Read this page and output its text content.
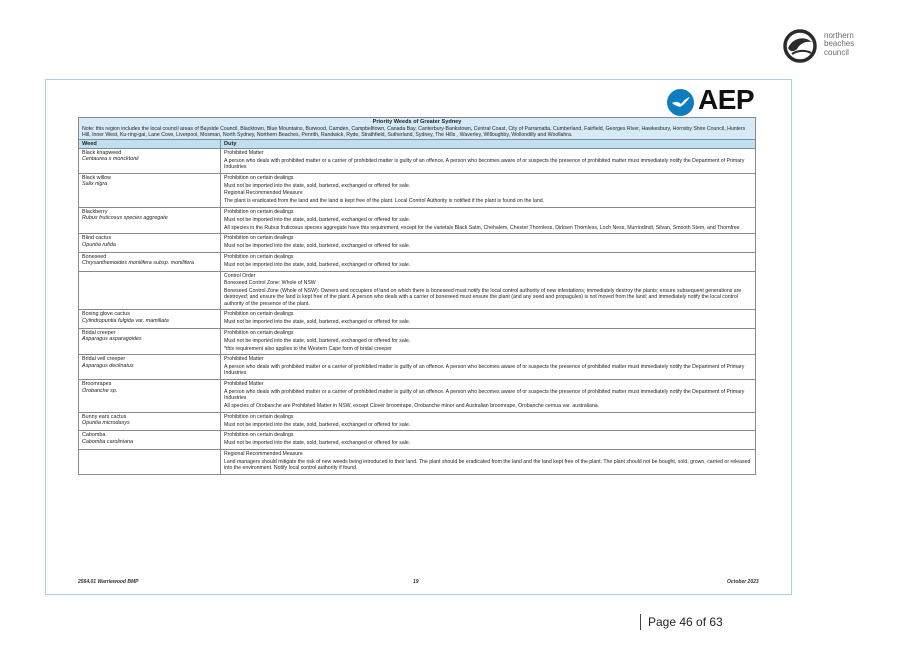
northern
beaches
council
AEP
Priority Weeds of Greater Sydney
Note: this region includes the local council areas of Bayside Council, Blacktown, Blue Mountains, Burwood, Camden, Campbelltown, Canada Bay, Canterbury-Bankstown, Central Coast, City of Parramatta, Cumberland, Fairfield, Georges River, Hawkesbury, Hornsby Shire Council, Hunters Hill, Inner West, Ku-ring-gai, Lane Cove, Liverpool, Mosman, North Sydney, Northern Beaches, Penrith, Randwick, Ryde, Strathfield, Sutherland, Sydney, The Hills , Waverley, Willoughby, Wollondilly and Woollahra.	
Weed	Duty

Black knapweed
Centaurea x moncktonii	Prohibited Matter
A person who deals with prohibited matter or a carrier of prohibited matter is guilty of an offence. A person who becomes aware of or suspects the presence of prohibited matter must immediately notify the Department of Primary Industries

Black willow
Salix nigra	Prohibition on certain dealings
Must not be imported into the state, sold, bartered, exchanged or offered for sale.
Regional Recommended Measure
The plant is eradicated from the land and the land is kept free of the plant. Local Control Authority is notified if the plant is found on the land.

Blackberry
Rubus fruticosus species aggregate	Prohibition on certain dealings
Must not be imported into the state, sold, bartered, exchanged or offered for sale.
All species in the Rubus fruticosus species aggregate have this requirement, except for the varietals Black Satin, Chehalem, Chester Thornless, Dirksen Thornless, Loch Ness, Murrindindi, Silvan, Smooth Stem, and Thornfree

Blind cactus
Opuntia rufida	Prohibition on certain dealings
Must not be imported into the state, sold, bartered, exchanged or offered for sale.

Boneseed
Chrysanthemoides monilifera subsp. monilifera	Prohibition on certain dealings
Must not be imported into the state, sold, bartered, exchanged or offered for sale.

	Control Order
Boneseed Control Zone: Whole of NSW
Boneseed Control Zone (Whole of NSW): Owners and occupiers of land on which there is boneseed must notify the local control authority of new infestations; immediately destroy the plants; ensure subsequent generations are destroyed; and ensure the land is kept free of the plant. A person who deals with a carrier of boneseed must ensure the plant (and any seed and propagules) is not moved from the land; and immediately notify the local control authority of the presence of the plant.

Boxing glove cactus
Cylindropuntia fulgida var. mamillata	Prohibition on certain dealings
Must not be imported into the state, sold, bartered, exchanged or offered for sale.

Bridal creeper
Asparagus asparagoides	Prohibition on certain dealings
Must not be imported into the state, sold, bartered, exchanged or offered for sale.
*this requirement also applies to the Western Cape form of bridal creeper

Bridal veil creeper
Asparagus declinatus	Prohibited Matter
A person who deals with prohibited matter or a carrier of prohibited matter is guilty of an offence. A person who becomes aware of or suspects the presence of prohibited matter must immediately notify the Department of Primary Industries

Broomrapes
Orobanche sp.	Prohibited Matter
A person who deals with prohibited matter or a carrier of prohibited matter is guilty of an offence. A person who becomes aware of or suspects the presence of prohibited matter must immediately notify the Department of Primary Industries
All species of Orobanche are Prohibited Matter in NSW, except Clover broomrape, Orobanche minor and Australian broomrape, Orobanche cernua var. australiana.

Bunny ears cactus
Opuntia microdasys	Prohibition on certain dealings
Must not be imported into the state, sold, bartered, exchanged or offered for sale.

Cabomba
Cabomba caroliniana	Prohibition on certain dealings
Must not be imported into the state, sold, bartered, exchanged or offered for sale.

	Regional Recommended Measure
Land managers should mitigate the risk of new weeds being introduced to their land. The plant should be eradicated from the land and the land kept free of the plant. The plant should not be bought, sold, grown, carried or released into the environment. Notify local control authority if found.
2564.01 Warriewood BMP	19	October 2023
Page 46 of 63
